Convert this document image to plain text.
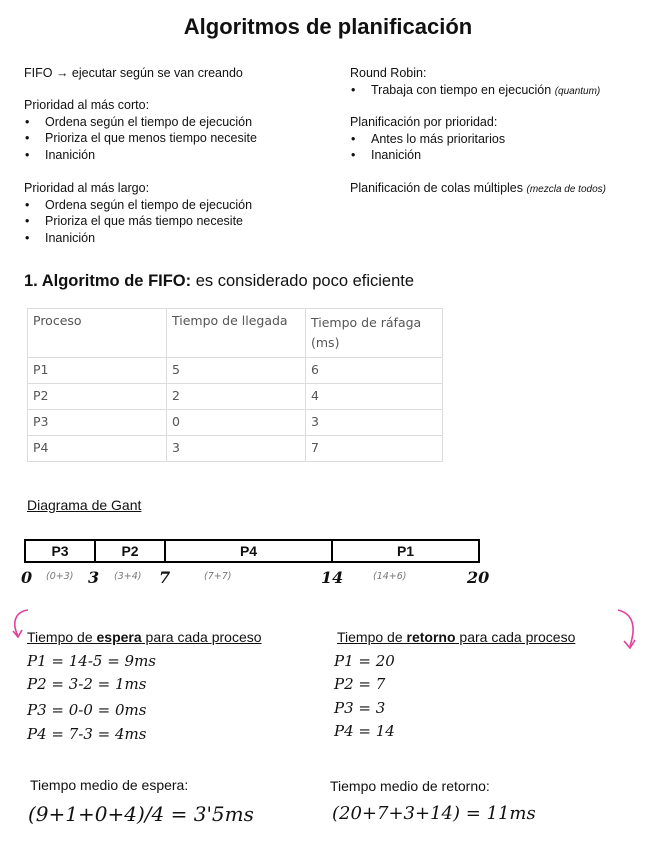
Algoritmos de planificación
FIFO → ejecutar según se van creando
Prioridad al más corto:
• Ordena según el tiempo de ejecución
• Prioriza el que menos tiempo necesite
• Inanición
Prioridad al más largo:
• Ordena según el tiempo de ejecución
• Prioriza el que más tiempo necesite
• Inanición
Round Robin:
• Trabaja con tiempo en ejecución (quantum)
Planificación por prioridad:
• Antes lo más prioritarios
• Inanición
Planificación de colas múltiples (mezcla de todos)
1. Algoritmo de FIFO: es considerado poco eficiente
Proceso	Tiempo de llegada	Tiempo de ráfaga (ms)
P1	5	6
P2	2	4
P3	0	3
P4	3	7
Diagrama de Gant
P3	P2	P4	P1
0	3	7	14	20
(0+3)	(3+4)	(7+7)	(14+6)
Tiempo de espera para cada proceso
P1 = 14-5 = 9ms
P2 = 3-2 = 1ms
P3 = 0-0 = 0ms
P4 = 7-3 = 4ms
Tiempo de retorno para cada proceso
P1 = 20
P2 = 7
P3 = 3
P4 = 14
Tiempo medio de espera:
(9+1+0+4)/4 = 3'5ms
Tiempo medio de retorno:
(20+7+3+14) = 11ms
